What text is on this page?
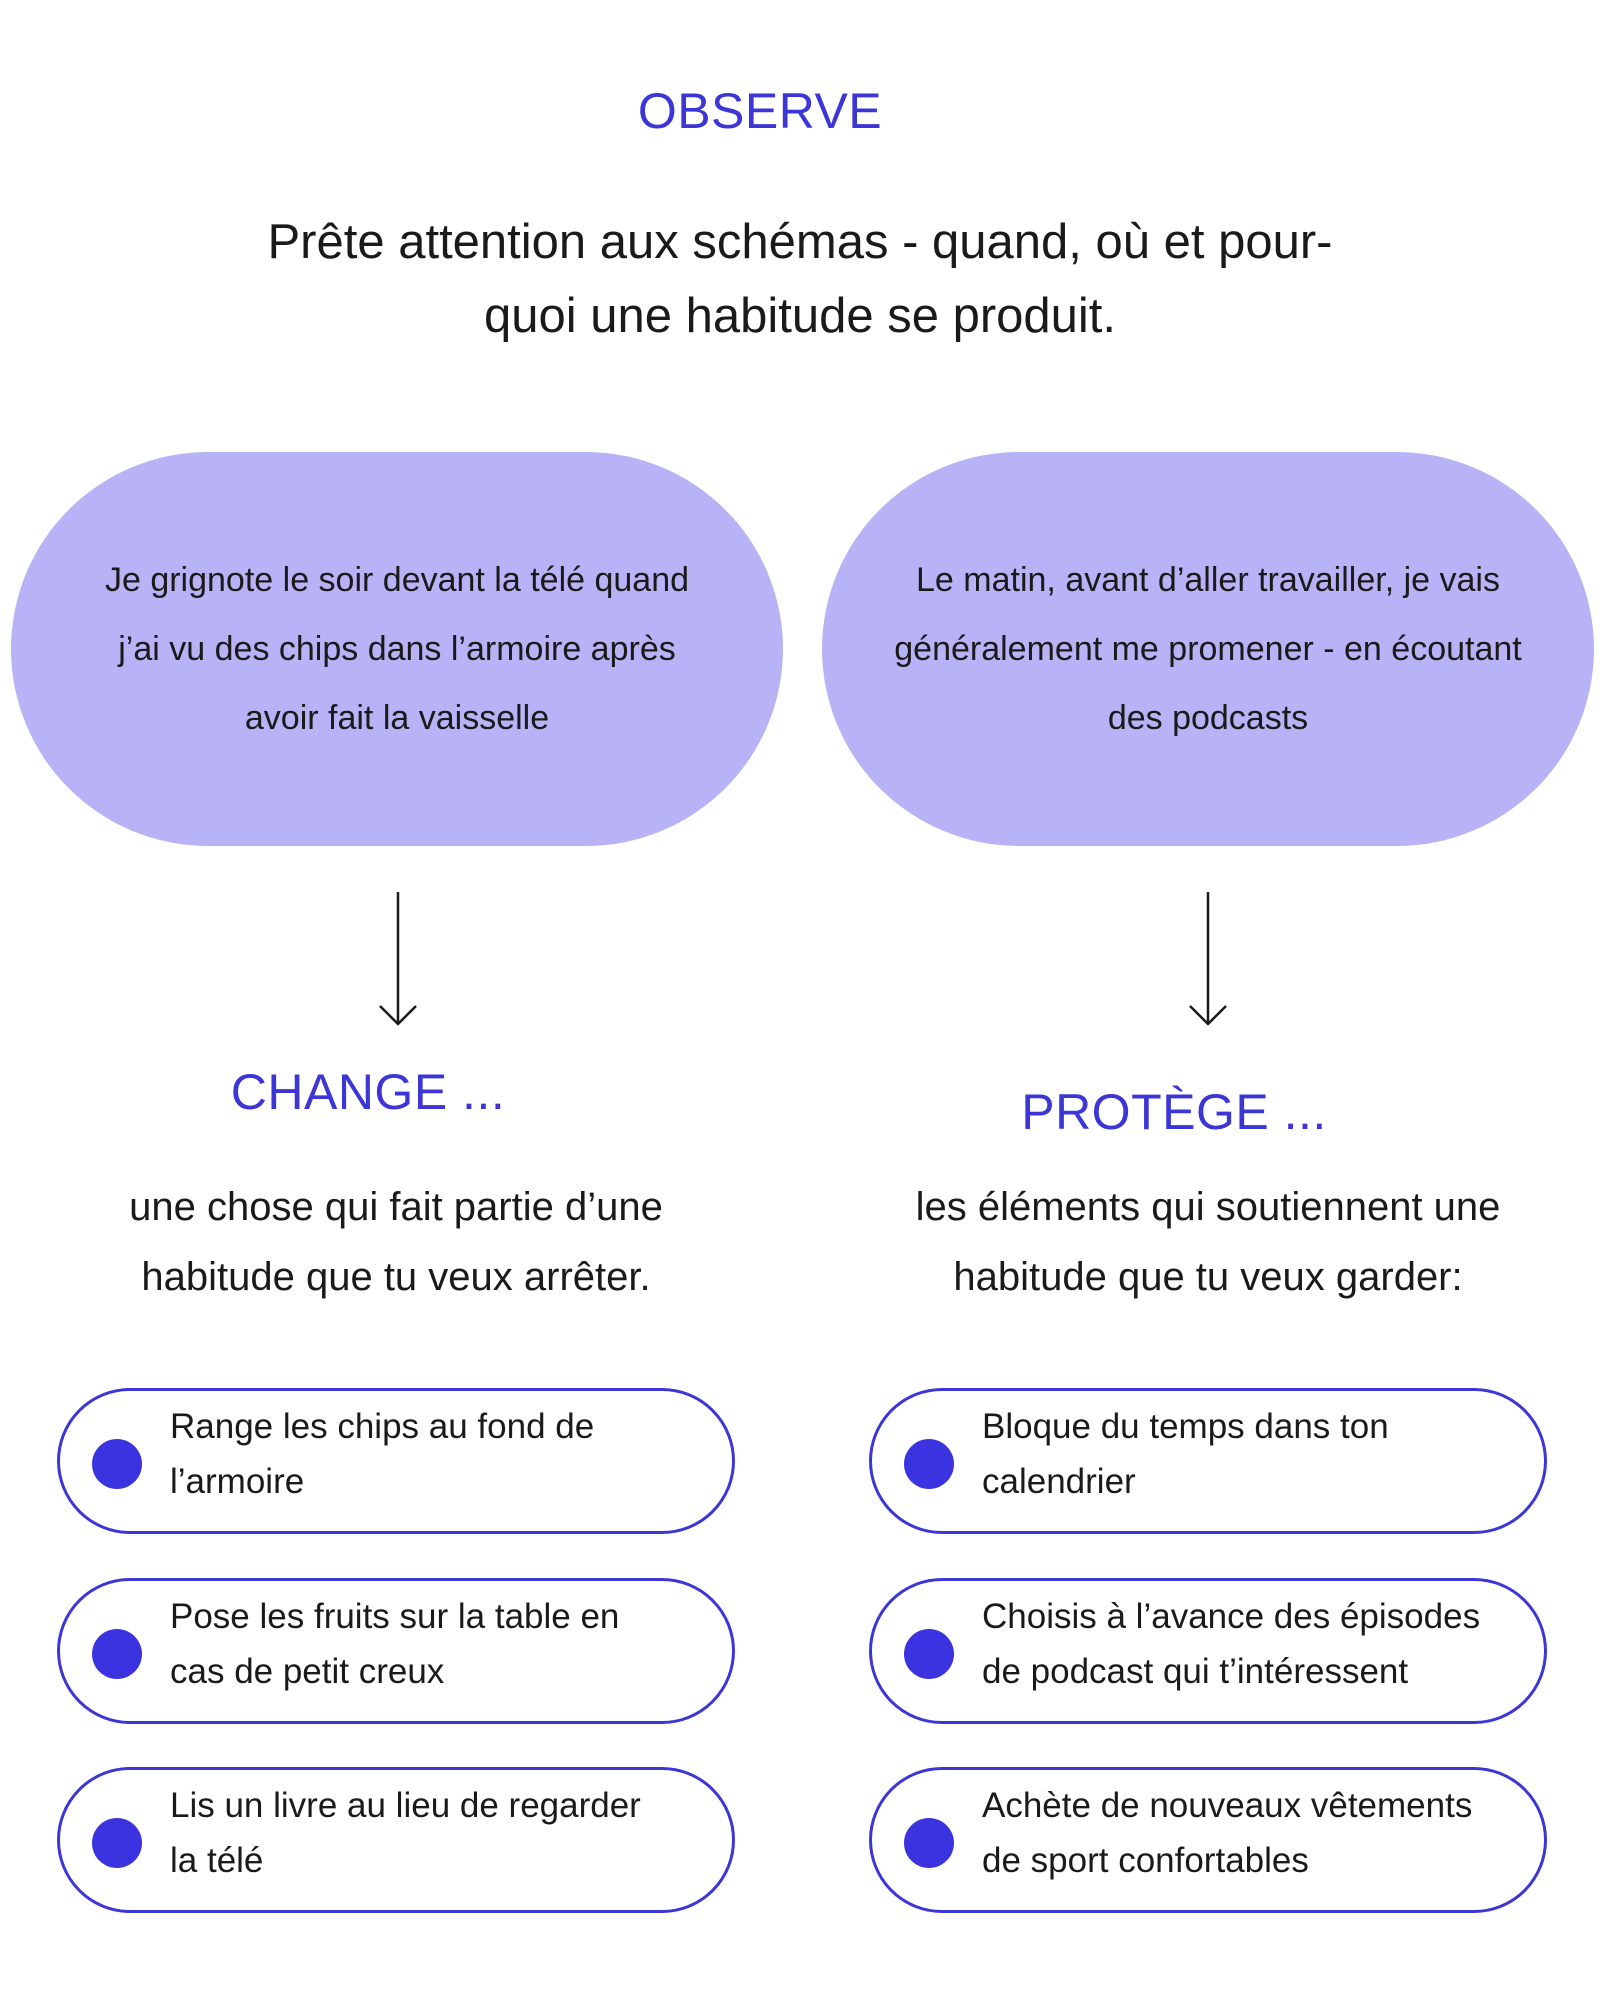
OBSERVE
Prête attention aux schémas - quand, où et pour-
quoi une habitude se produit.
Je grignote le soir devant la télé quand
j’ai vu des chips dans l’armoire après
avoir fait la vaisselle
Le matin, avant d’aller travailler, je vais
généralement me promener - en écoutant
des podcasts
CHANGE ...	PROTÈGE ...
une chose qui fait partie d’une
habitude que tu veux arrêter.
les éléments qui soutiennent une
habitude que tu veux garder:
Range les chips au fond de
l’armoire
Pose les fruits sur la table en
cas de petit creux
Lis un livre au lieu de regarder
la télé
Bloque du temps dans ton
calendrier
Choisis à l’avance des épisodes
de podcast qui t’intéressent
Achète de nouveaux vêtements
de sport confortables
